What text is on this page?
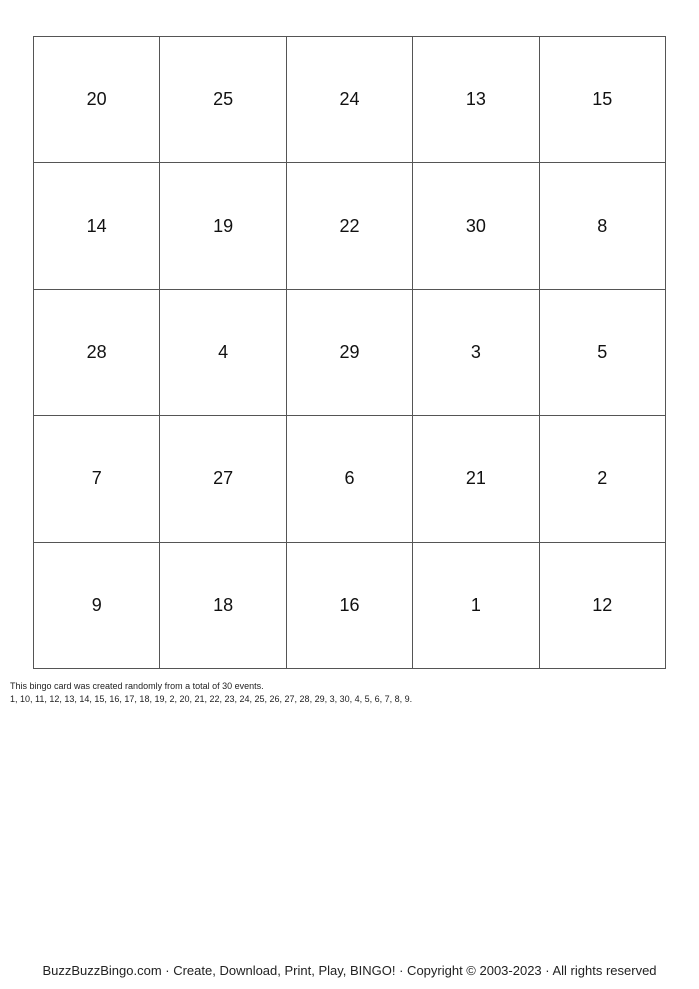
20	25	24	13	15
14	19	22	30	8
28	4	29	3	5
7	27	6	21	2
9	18	16	1	12
This bingo card was created randomly from a total of 30 events.
1, 10, 11, 12, 13, 14, 15, 16, 17, 18, 19, 2, 20, 21, 22, 23, 24, 25, 26, 27, 28, 29, 3, 30, 4, 5, 6, 7, 8, 9.
BuzzBuzzBingo.com · Create, Download, Print, Play, BINGO! · Copyright © 2003-2023 · All rights reserved
